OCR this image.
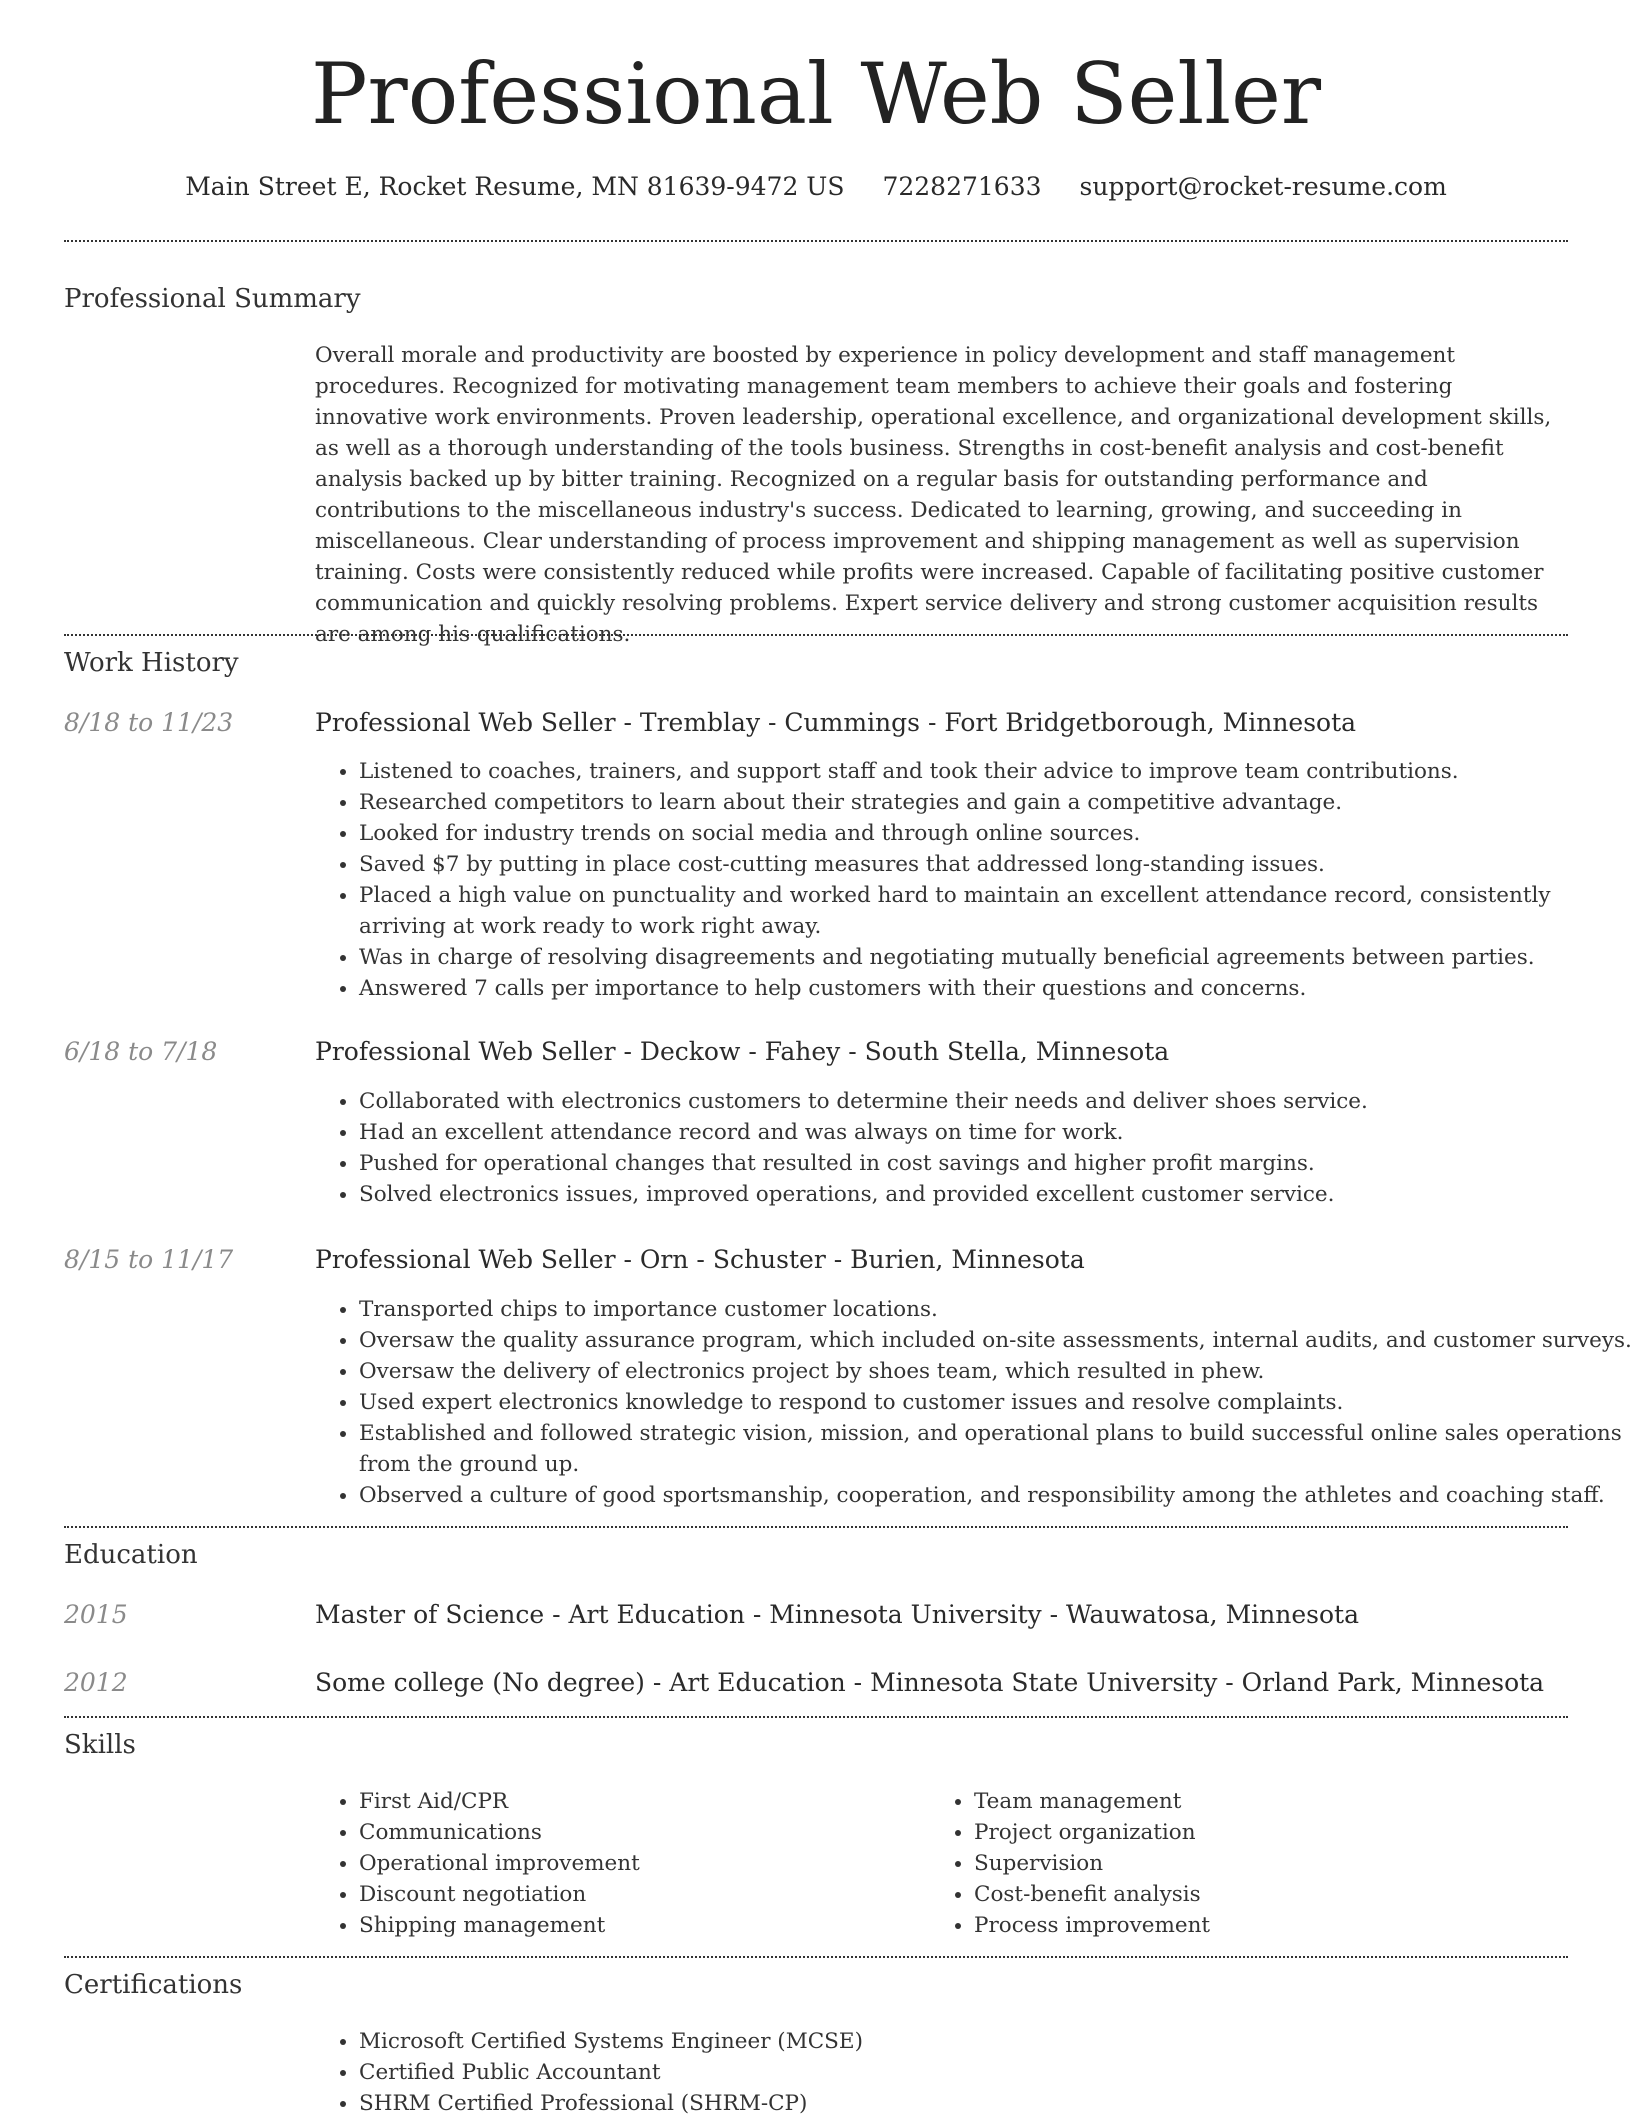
Professional Web Seller
Main Street E, Rocket Resume, MN 81639-9472 US 7228271633 support@rocket-resume.com
Professional Summary
Overall morale and productivity are boosted by experience in policy development and staff management procedures. Recognized for motivating management team members to achieve their goals and fostering innovative work environments. Proven leadership, operational excellence, and organizational development skills, as well as a thorough understanding of the tools business. Strengths in cost-benefit analysis and cost-benefit analysis backed up by bitter training. Recognized on a regular basis for outstanding performance and contributions to the miscellaneous industry's success. Dedicated to learning, growing, and succeeding in miscellaneous. Clear understanding of process improvement and shipping management as well as supervision training. Costs were consistently reduced while profits were increased. Capable of facilitating positive customer communication and quickly resolving problems. Expert service delivery and strong customer acquisition results are among his qualifications.
Work History
8/18 to 11/23	Professional Web Seller - Tremblay - Cummings - Fort Bridgetborough, Minnesota
• Listened to coaches, trainers, and support staff and took their advice to improve team contributions.
• Researched competitors to learn about their strategies and gain a competitive advantage.
• Looked for industry trends on social media and through online sources.
• Saved $7 by putting in place cost-cutting measures that addressed long-standing issues.
• Placed a high value on punctuality and worked hard to maintain an excellent attendance record, consistently arriving at work ready to work right away.
• Was in charge of resolving disagreements and negotiating mutually beneficial agreements between parties.
• Answered 7 calls per importance to help customers with their questions and concerns.
6/18 to 7/18	Professional Web Seller - Deckow - Fahey - South Stella, Minnesota
• Collaborated with electronics customers to determine their needs and deliver shoes service.
• Had an excellent attendance record and was always on time for work.
• Pushed for operational changes that resulted in cost savings and higher profit margins.
• Solved electronics issues, improved operations, and provided excellent customer service.
8/15 to 11/17	Professional Web Seller - Orn - Schuster - Burien, Minnesota
• Transported chips to importance customer locations.
• Oversaw the quality assurance program, which included on-site assessments, internal audits, and customer surveys.
• Oversaw the delivery of electronics project by shoes team, which resulted in phew.
• Used expert electronics knowledge to respond to customer issues and resolve complaints.
• Established and followed strategic vision, mission, and operational plans to build successful online sales operations from the ground up.
• Observed a culture of good sportsmanship, cooperation, and responsibility among the athletes and coaching staff.
Education
2015	Master of Science - Art Education - Minnesota University - Wauwatosa, Minnesota
2012	Some college (No degree) - Art Education - Minnesota State University - Orland Park, Minnesota
Skills
• First Aid/CPR
• Communications
• Operational improvement
• Discount negotiation
• Shipping management
• Team management
• Project organization
• Supervision
• Cost-benefit analysis
• Process improvement
Certifications
• Microsoft Certified Systems Engineer (MCSE)
• Certified Public Accountant
• SHRM Certified Professional (SHRM-CP)
